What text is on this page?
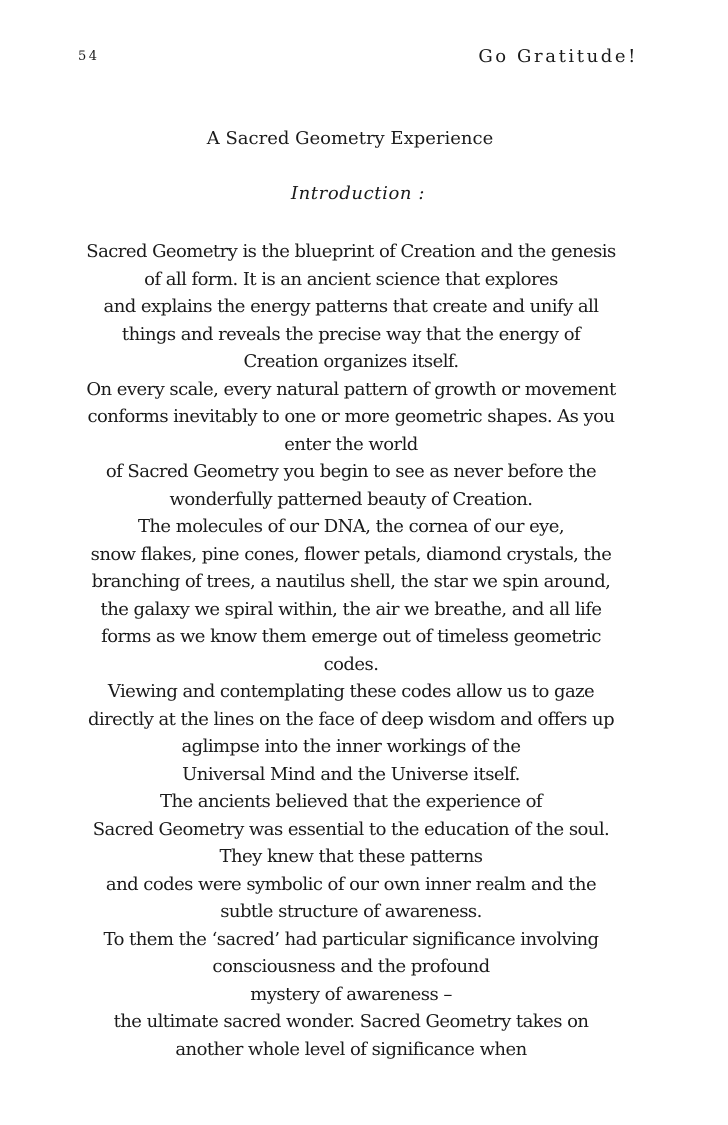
54	Go Gratitude!
A Sacred Geometry Experience
Introduction :
Sacred Geometry is the blueprint of Creation and the genesis
of all form. It is an ancient science that explores
and explains the energy patterns that create and unify all
things and reveals the precise way that the energy of
Creation organizes itself.
On every scale, every natural pattern of growth or movement
conforms inevitably to one or more geometric shapes. As you
enter the world
of Sacred Geometry you begin to see as never before the
wonderfully patterned beauty of Creation.
The molecules of our DNA, the cornea of our eye,
snow flakes, pine cones, flower petals, diamond crystals, the
branching of trees, a nautilus shell, the star we spin around,
the galaxy we spiral within, the air we breathe, and all life
forms as we know them emerge out of timeless geometric
codes.
Viewing and contemplating these codes allow us to gaze
directly at the lines on the face of deep wisdom and offers up
aglimpse into the inner workings of the
Universal Mind and the Universe itself.
The ancients believed that the experience of
Sacred Geometry was essential to the education of the soul.
They knew that these patterns
and codes were symbolic of our own inner realm and the
subtle structure of awareness.
To them the ‘sacred’ had particular significance involving
consciousness and the profound
mystery of awareness –
the ultimate sacred wonder. Sacred Geometry takes on
another whole level of significance when
